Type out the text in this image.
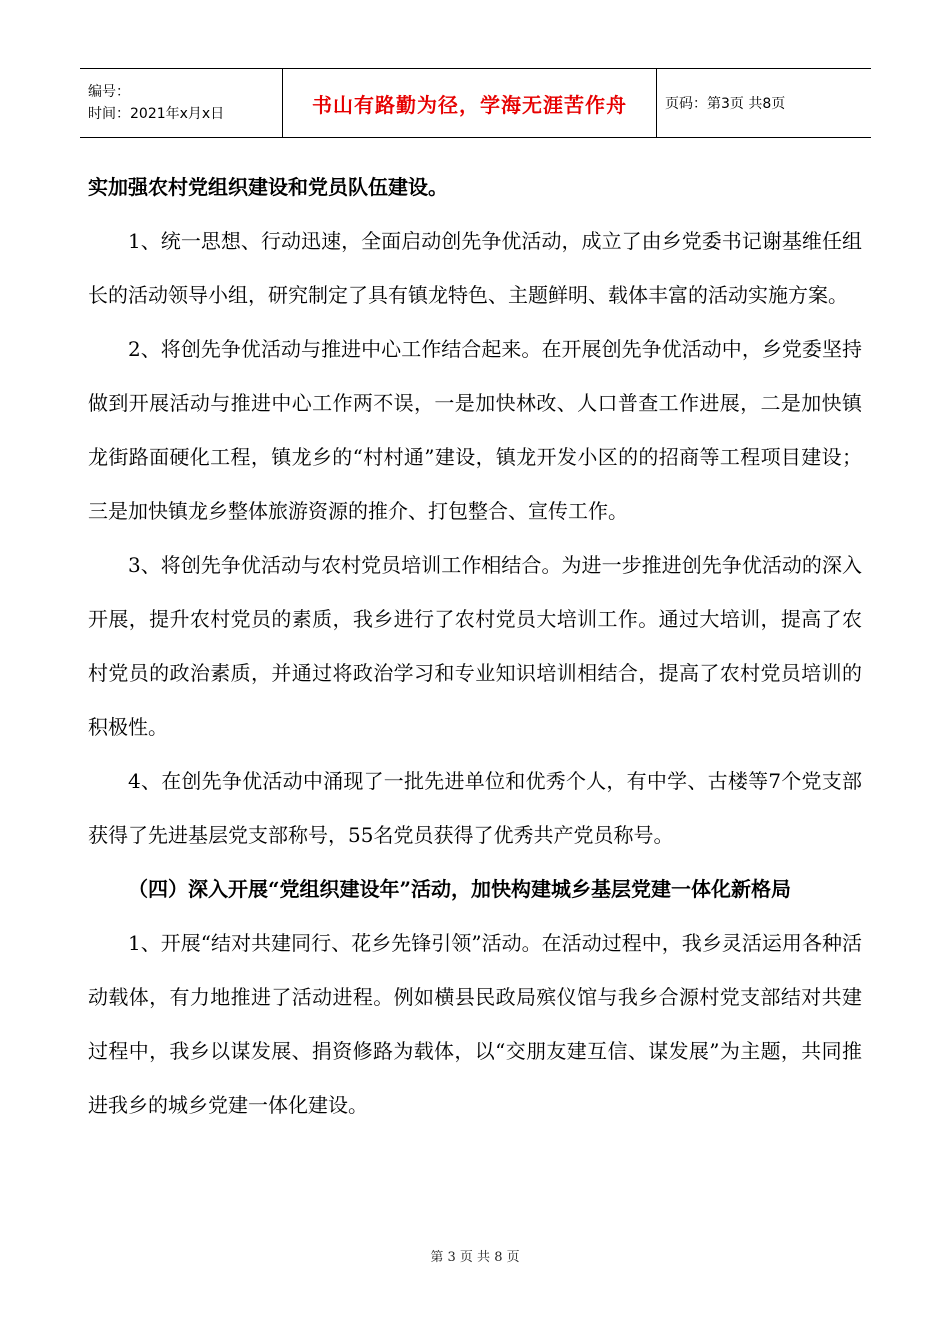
编号：
时间：2021年x月x日	书山有路勤为径，学海无涯苦作舟	页码：第3页 共8页

实加强农村党组织建设和党员队伍建设。

1、统一思想、行动迅速，全面启动创先争优活动，成立了由乡党委书记谢基维任组长的活动领导小组，研究制定了具有镇龙特色、主题鲜明、载体丰富的活动实施方案。

2、将创先争优活动与推进中心工作结合起来。在开展创先争优活动中，乡党委坚持做到开展活动与推进中心工作两不误，一是加快林改、人口普查工作进展，二是加快镇龙街路面硬化工程，镇龙乡的“村村通”建设，镇龙开发小区的的招商等工程项目建设；三是加快镇龙乡整体旅游资源的推介、打包整合、宣传工作。

3、将创先争优活动与农村党员培训工作相结合。为进一步推进创先争优活动的深入开展，提升农村党员的素质，我乡进行了农村党员大培训工作。通过大培训，提高了农村党员的政治素质，并通过将政治学习和专业知识培训相结合，提高了农村党员培训的积极性。

4、在创先争优活动中涌现了一批先进单位和优秀个人，有中学、古楼等7个党支部获得了先进基层党支部称号，55名党员获得了优秀共产党员称号。

（四）深入开展“党组织建设年”活动，加快构建城乡基层党建一体化新格局

1、开展“结对共建同行、花乡先锋引领”活动。在活动过程中，我乡灵活运用各种活动载体，有力地推进了活动进程。例如横县民政局殡仪馆与我乡合源村党支部结对共建过程中，我乡以谋发展、捐资修路为载体，以“交朋友建互信、谋发展”为主题，共同推进我乡的城乡党建一体化建设。

第 3 页 共 8 页
